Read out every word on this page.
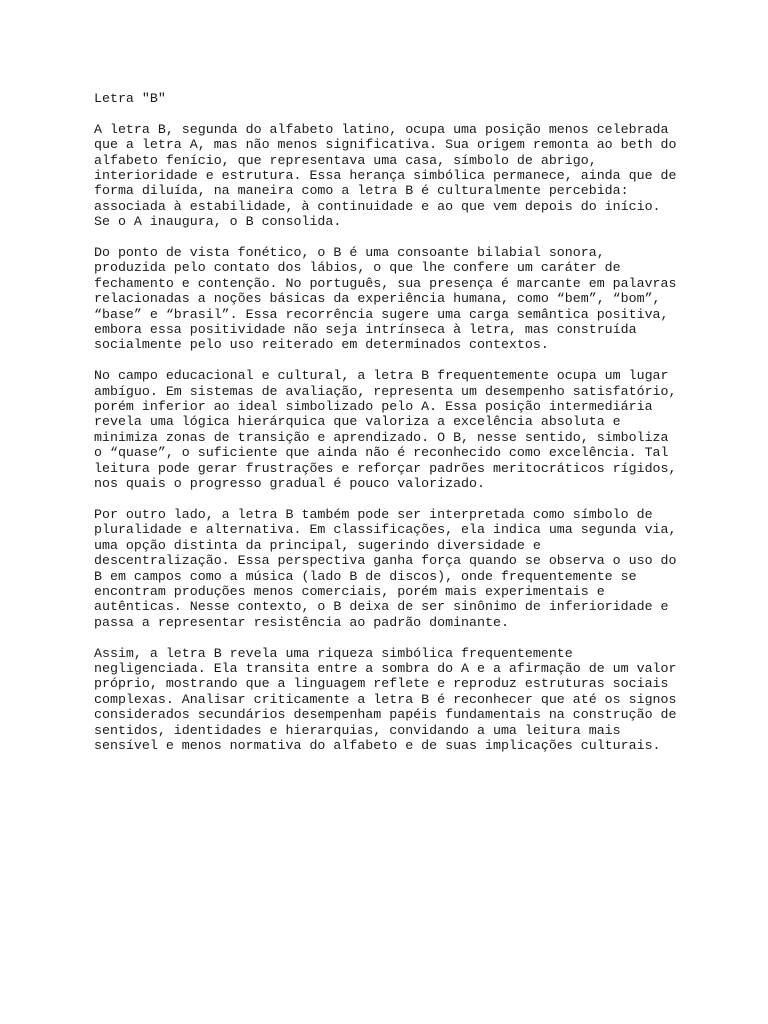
Letra "B"

A letra B, segunda do alfabeto latino, ocupa uma posição menos celebrada
que a letra A, mas não menos significativa. Sua origem remonta ao beth do
alfabeto fenício, que representava uma casa, símbolo de abrigo,
interioridade e estrutura. Essa herança simbólica permanece, ainda que de
forma diluída, na maneira como a letra B é culturalmente percebida:
associada à estabilidade, à continuidade e ao que vem depois do início.
Se o A inaugura, o B consolida.

Do ponto de vista fonético, o B é uma consoante bilabial sonora,
produzida pelo contato dos lábios, o que lhe confere um caráter de
fechamento e contenção. No português, sua presença é marcante em palavras
relacionadas a noções básicas da experiência humana, como “bem”, “bom”,
“base” e “brasil”. Essa recorrência sugere uma carga semântica positiva,
embora essa positividade não seja intrínseca à letra, mas construída
socialmente pelo uso reiterado em determinados contextos.

No campo educacional e cultural, a letra B frequentemente ocupa um lugar
ambíguo. Em sistemas de avaliação, representa um desempenho satisfatório,
porém inferior ao ideal simbolizado pelo A. Essa posição intermediária
revela uma lógica hierárquica que valoriza a excelência absoluta e
minimiza zonas de transição e aprendizado. O B, nesse sentido, simboliza
o “quase”, o suficiente que ainda não é reconhecido como excelência. Tal
leitura pode gerar frustrações e reforçar padrões meritocráticos rígidos,
nos quais o progresso gradual é pouco valorizado.

Por outro lado, a letra B também pode ser interpretada como símbolo de
pluralidade e alternativa. Em classificações, ela indica uma segunda via,
uma opção distinta da principal, sugerindo diversidade e
descentralização. Essa perspectiva ganha força quando se observa o uso do
B em campos como a música (lado B de discos), onde frequentemente se
encontram produções menos comerciais, porém mais experimentais e
autênticas. Nesse contexto, o B deixa de ser sinônimo de inferioridade e
passa a representar resistência ao padrão dominante.

Assim, a letra B revela uma riqueza simbólica frequentemente
negligenciada. Ela transita entre a sombra do A e a afirmação de um valor
próprio, mostrando que a linguagem reflete e reproduz estruturas sociais
complexas. Analisar criticamente a letra B é reconhecer que até os signos
considerados secundários desempenham papéis fundamentais na construção de
sentidos, identidades e hierarquias, convidando a uma leitura mais
sensível e menos normativa do alfabeto e de suas implicações culturais.
